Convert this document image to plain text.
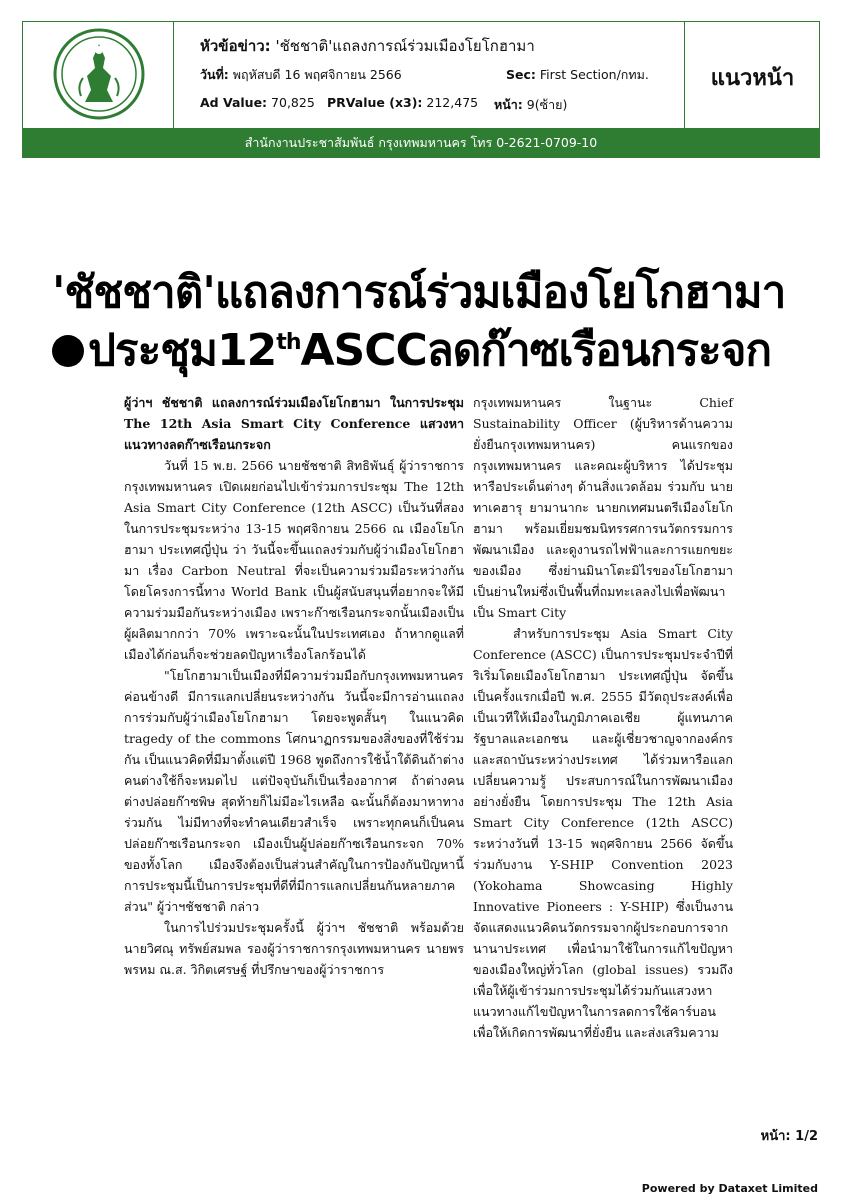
หัวข้อข่าว: 'ชัชชาติ'แถลงการณ์ร่วมเมืองโยโกฮามา
วันที่: พฤหัสบดี 16 พฤศจิกายน 2566	Sec: First Section/กทม.
Ad Value: 70,825 PRValue (x3): 212,475 หน้า: 9(ซ้าย)
แนวหน้า
สำนักงานประชาสัมพันธ์ กรุงเทพมหานคร โทร 0-2621-0709-10
'ชัชชาติ'แถลงการณ์ร่วมเมืองโยโกฮามา
ประชุม12thASCCลดก๊าซเรือนกระจก

ผู้ว่าฯ ชัชชาติ แถลงการณ์ร่วมเมืองโยโกฮามา ในการประชุม The 12th Asia Smart City Conference แสวงหาแนวทางลดก๊าซเรือนกระจก

วันที่ 15 พ.ย. 2566 นายชัชชาติ สิทธิพันธุ์ ผู้ว่าราชการกรุงเทพมหานคร เปิดเผยก่อนไปเข้าร่วมการประชุม The 12th Asia Smart City Conference (12th ASCC) เป็นวันที่สอง ในการประชุมระหว่าง 13-15 พฤศจิกายน 2566 ณ เมืองโยโกฮามา ประเทศญี่ปุ่น ว่า วันนี้จะขึ้นแถลงร่วมกับผู้ว่าเมืองโยโกฮามา เรื่อง Carbon Neutral ที่จะเป็นความร่วมมือระหว่างกัน โดยโครงการนี้ทาง World Bank เป็นผู้สนับสนุนที่อยากจะให้มีความร่วมมือกันระหว่างเมือง เพราะก๊าซเรือนกระจกนั้นเมืองเป็นผู้ผลิตมากกว่า 70% เพราะฉะนั้นในประเทศเอง ถ้าหากดูแลที่เมืองได้ก่อนก็จะช่วยลดปัญหาเรื่องโลกร้อนได้

"โยโกฮามาเป็นเมืองที่มีความร่วมมือกับกรุงเทพมหานครค่อนข้างดี มีการแลกเปลี่ยนระหว่างกัน วันนี้จะมีการอ่านแถลงการร่วมกับผู้ว่าเมืองโยโกฮามา โดยจะพูดสั้นๆ ในแนวคิด tragedy of the commons โศกนาฏกรรมของสิ่งของที่ใช้ร่วมกัน เป็นแนวคิดที่มีมาตั้งแต่ปี 1968 พูดถึงการใช้น้ำใต้ดินถ้าต่างคนต่างใช้ก็จะหมดไป แต่ปัจจุบันก็เป็นเรื่องอากาศ ถ้าต่างคนต่างปล่อยก๊าซพิษ สุดท้ายก็ไม่มีอะไรเหลือ ฉะนั้นก็ต้องมาหาทางร่วมกัน ไม่มีทางที่จะทำคนเดียวสำเร็จ เพราะทุกคนก็เป็นคนปล่อยก๊าซเรือนกระจก เมืองเป็นผู้ปล่อยก๊าซเรือนกระจก 70% ของทั้งโลก เมืองจึงต้องเป็นส่วนสำคัญในการป้องกันปัญหานี้ การประชุมนี้เป็นการประชุมที่ดีที่มีการแลกเปลี่ยนกันหลายภาคส่วน" ผู้ว่าฯชัชชาติ กล่าว

ในการไปร่วมประชุมครั้งนี้ ผู้ว่าฯ ชัชชาติ พร้อมด้วย นายวิศณุ ทรัพย์สมพล รองผู้ว่าราชการกรุงเทพมหานคร นายพรพรหม ณ.ส. วิกิตเศรษฐ์ ที่ปรึกษาของผู้ว่าราชการ

กรุงเทพมหานคร ในฐานะ Chief Sustainability Officer (ผู้บริหารด้านความยั่งยืนกรุงเทพมหานคร) คนแรกของกรุงเทพมหานคร และคณะผู้บริหาร ได้ประชุมหารือประเด็นต่างๆ ด้านสิ่งแวดล้อม ร่วมกับ นายทาเคฮารุ ยามานากะ นายกเทศมนตรีเมืองโยโกฮามา พร้อมเยี่ยมชมนิทรรศการนวัตกรรมการพัฒนาเมือง และดูงานรถไฟฟ้าและการแยกขยะของเมือง ซึ่งย่านมินาโตะมิไรของโยโกฮามา เป็นย่านใหม่ซึ่งเป็นพื้นที่ถมทะเลลงไปเพื่อพัฒนาเป็น Smart City

สำหรับการประชุม Asia Smart City Conference (ASCC) เป็นการประชุมประจำปีที่ริเริ่มโดยเมืองโยโกฮามา ประเทศญี่ปุ่น จัดขึ้นเป็นครั้งแรกเมื่อปี พ.ศ. 2555 มีวัตถุประสงค์เพื่อเป็นเวทีให้เมืองในภูมิภาคเอเชีย ผู้แทนภาครัฐบาลและเอกชน และผู้เชี่ยวชาญจากองค์กรและสถาบันระหว่างประเทศ ได้ร่วมหารือแลกเปลี่ยนความรู้ ประสบการณ์ในการพัฒนาเมืองอย่างยั่งยืน โดยการประชุม The 12th Asia Smart City Conference (12th ASCC) ระหว่างวันที่ 13-15 พฤศจิกายน 2566 จัดขึ้นร่วมกับงาน Y-SHIP Convention 2023 (Yokohama Showcasing Highly Innovative Pioneers : Y-SHIP) ซึ่งเป็นงานจัดแสดงแนวคิดนวัตกรรมจากผู้ประกอบการจากนานาประเทศ เพื่อนำมาใช้ในการแก้ไขปัญหาของเมืองใหญ่ทั่วโลก (global issues) รวมถึงเพื่อให้ผู้เข้าร่วมการประชุมได้ร่วมกันแสวงหาแนวทางแก้ไขปัญหาในการลดการใช้คาร์บอนเพื่อให้เกิดการพัฒนาที่ยั่งยืน และส่งเสริมความ

หน้า: 1/2
Powered by Dataxet Limited
